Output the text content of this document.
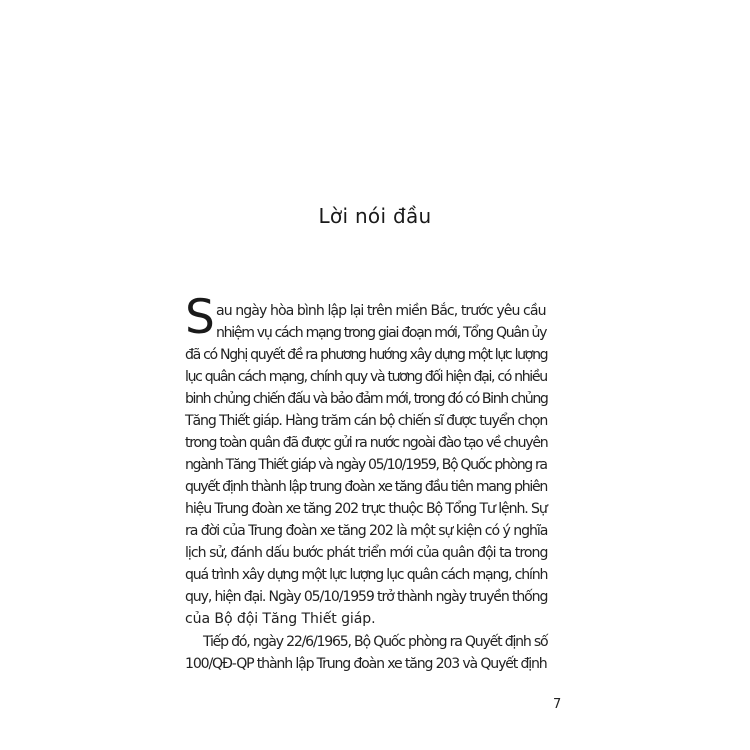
Lời nói đầu
S au ngày hòa bình lập lại trên miền Bắc, trước yêu cầu
nhiệm vụ cách mạng trong giai đoạn mới, Tổng Quân ủy
đã có Nghị quyết đề ra phương hướng xây dựng một lực lượng
lục quân cách mạng, chính quy và tương đối hiện đại, có nhiều
binh chủng chiến đấu và bảo đảm mới, trong đó có Binh chủng
Tăng Thiết giáp. Hàng trăm cán bộ chiến sĩ được tuyển chọn
trong toàn quân đã được gửi ra nước ngoài đào tạo về chuyên
ngành Tăng Thiết giáp và ngày 05/10/1959, Bộ Quốc phòng ra
quyết định thành lập trung đoàn xe tăng đầu tiên mang phiên
hiệu Trung đoàn xe tăng 202 trực thuộc Bộ Tổng Tư lệnh. Sự
ra đời của Trung đoàn xe tăng 202 là một sự kiện có ý nghĩa
lịch sử, đánh dấu bước phát triển mới của quân đội ta trong
quá trình xây dựng một lực lượng lục quân cách mạng, chính
quy, hiện đại. Ngày 05/10/1959 trở thành ngày truyền thống
của Bộ đội Tăng Thiết giáp.
Tiếp đó, ngày 22/6/1965, Bộ Quốc phòng ra Quyết định số
100/QĐ-QP thành lập Trung đoàn xe tăng 203 và Quyết định
7
